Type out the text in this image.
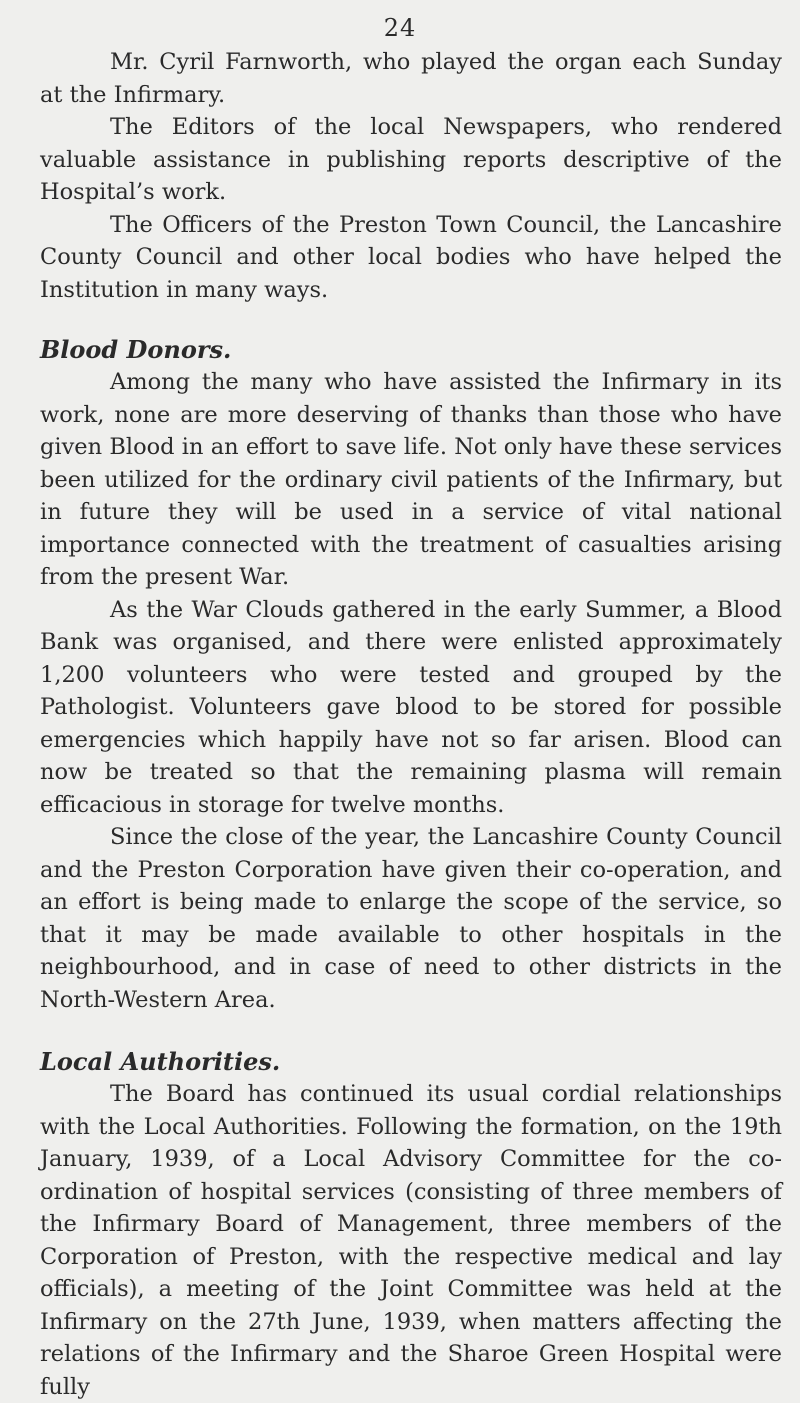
24

Mr. Cyril Farnworth, who played the organ each Sunday at the Infirmary.

The Editors of the local Newspapers, who rendered valuable assistance in publishing reports descriptive of the Hospital’s work.

The Officers of the Preston Town Council, the Lancashire County Council and other local bodies who have helped the Institution in many ways.

Blood Donors.

Among the many who have assisted the Infirmary in its work, none are more deserving of thanks than those who have given Blood in an effort to save life. Not only have these services been utilized for the ordinary civil patients of the Infirmary, but in future they will be used in a service of vital national importance connected with the treatment of casualties arising from the present War.

As the War Clouds gathered in the early Summer, a Blood Bank was organised, and there were enlisted approximately 1,200 volunteers who were tested and grouped by the Pathologist. Volunteers gave blood to be stored for possible emergencies which happily have not so far arisen. Blood can now be treated so that the remaining plasma will remain efficacious in storage for twelve months.

Since the close of the year, the Lancashire County Council and the Preston Corporation have given their co-operation, and an effort is being made to enlarge the scope of the service, so that it may be made available to other hospitals in the neighbourhood, and in case of need to other districts in the North-Western Area.

Local Authorities.

The Board has continued its usual cordial relationships with the Local Authorities. Following the formation, on the 19th January, 1939, of a Local Advisory Committee for the co-ordination of hospital services (consisting of three members of the Infirmary Board of Management, three members of the Corporation of Preston, with the respective medical and lay officials), a meeting of the Joint Committee was held at the Infirmary on the 27th June, 1939, when matters affecting the relations of the Infirmary and the Sharoe Green Hospital were fully
